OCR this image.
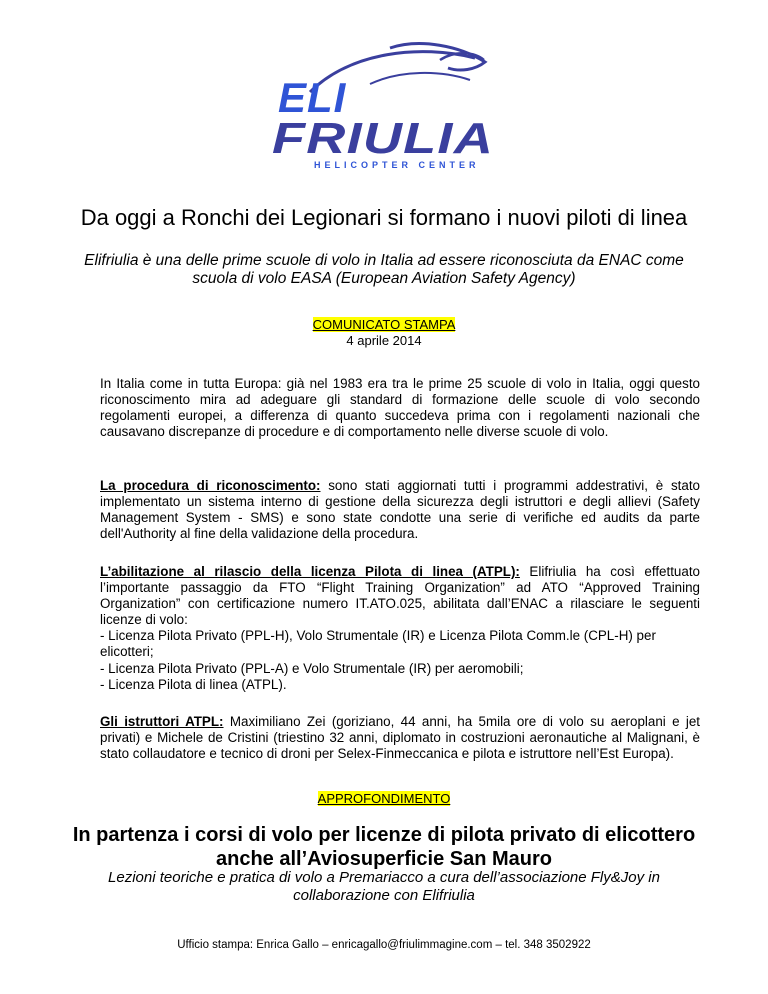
ELI
FRIULIA
HELICOPTER CENTER
Da oggi a Ronchi dei Legionari si formano i nuovi piloti di linea
Elifriulia è una delle prime scuole di volo in Italia ad essere riconosciuta da ENAC come scuola di volo EASA (European Aviation Safety Agency)
COMUNICATO STAMPA
4 aprile 2014
In Italia come in tutta Europa: già nel 1983 era tra le prime 25 scuole di volo in Italia, oggi questo riconoscimento mira ad adeguare gli standard di formazione delle scuole di volo secondo regolamenti europei, a differenza di quanto succedeva prima con i regolamenti nazionali che causavano discrepanze di procedure e di comportamento nelle diverse scuole di volo.
La procedura di riconoscimento: sono stati aggiornati tutti i programmi addestrativi, è stato implementato un sistema interno di gestione della sicurezza degli istruttori e degli allievi (Safety Management System - SMS) e sono state condotte una serie di verifiche ed audits da parte dell'Authority al fine della validazione della procedura.
L’abilitazione al rilascio della licenza Pilota di linea (ATPL): Elifriulia ha così effettuato l’importante passaggio da FTO “Flight Training Organization” ad ATO “Approved Training Organization” con certificazione numero IT.ATO.025, abilitata dall’ENAC a rilasciare le seguenti licenze di volo:
- Licenza Pilota Privato (PPL-H), Volo Strumentale (IR) e Licenza Pilota Comm.le (CPL-H) per elicotteri;
- Licenza Pilota Privato (PPL-A) e Volo Strumentale (IR) per aeromobili;
- Licenza Pilota di linea (ATPL).
Gli istruttori ATPL: Maximiliano Zei (goriziano, 44 anni, ha 5mila ore di volo su aeroplani e jet privati) e Michele de Cristini (triestino 32 anni, diplomato in costruzioni aeronautiche al Malignani, è stato collaudatore e tecnico di droni per Selex-Finmeccanica e pilota e istruttore nell’Est Europa).
APPROFONDIMENTO
In partenza i corsi di volo per licenze di pilota privato di elicottero anche all’Aviosuperficie San Mauro
Lezioni teoriche e pratica di volo a Premariacco a cura dell’associazione Fly&Joy in collaborazione con Elifriulia
Ufficio stampa: Enrica Gallo – enricagallo@friulimmagine.com – tel. 348 3502922
